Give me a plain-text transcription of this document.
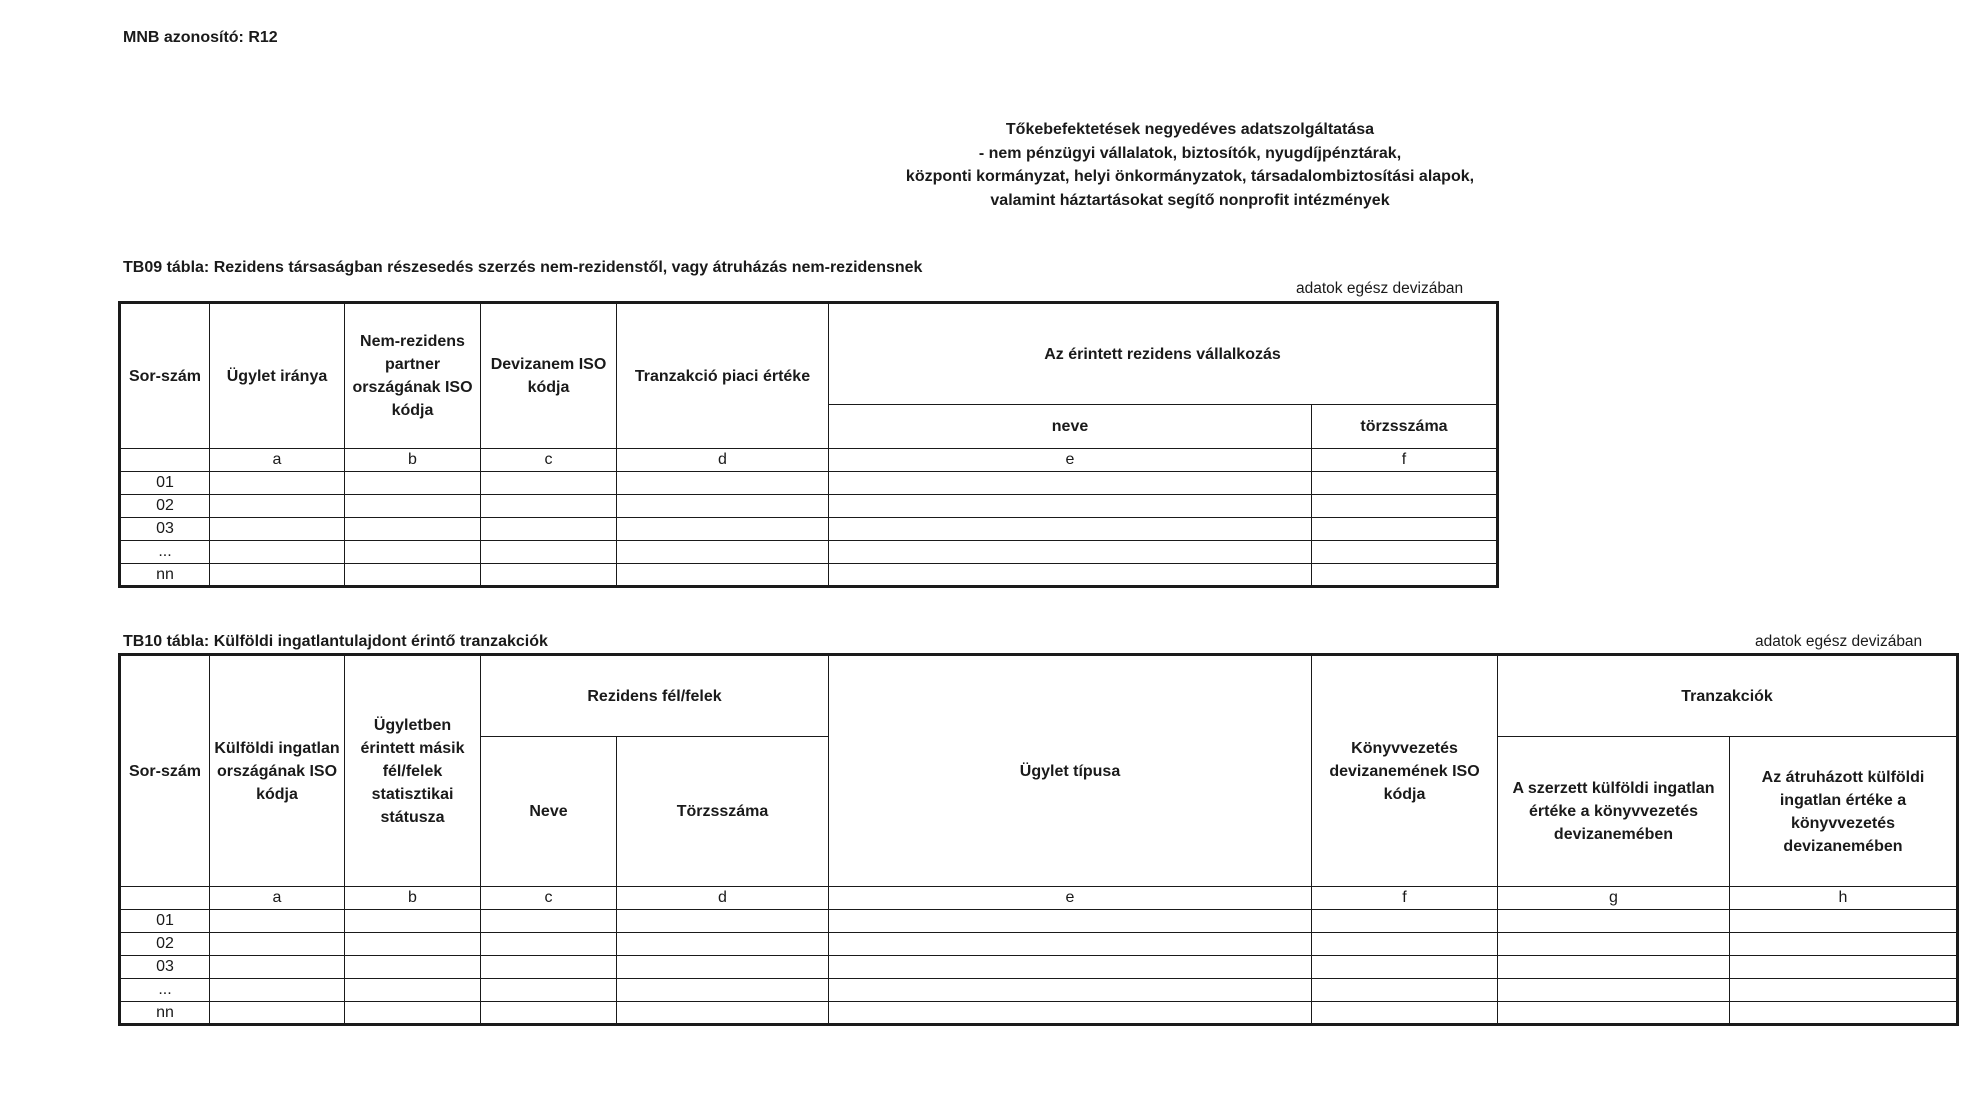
MNB azonosító: R12
Tőkebefektetések negyedéves adatszolgáltatása
- nem pénzügyi vállalatok, biztosítók, nyugdíjpénztárak,
központi kormányzat, helyi önkormányzatok, társadalombiztosítási alapok,
valamint háztartásokat segítő nonprofit intézmények
TB09 tábla: Rezidens társaságban részesedés szerzés nem-rezidenstől, vagy átruházás nem-rezidensnek
adatok egész devizában
Sor-szám	Ügylet iránya	Nem-rezidens partner országának ISO kódja	Devizanem ISO kódja	Tranzakció piaci értéke	Az érintett rezidens vállalkozás	
					neve	törzsszáma
	a	b	c	d	e	f
01						
02						
03						
...						
nn						
TB10 tábla: Külföldi ingatlantulajdont érintő tranzakciók	adatok egész devizában
Sor-szám	Külföldi ingatlan országának ISO kódja	Ügyletben érintett másik fél/felek statisztikai státusza	Rezidens fél/felek		Ügylet típusa	Könyvvezetés devizanemének ISO kódja	Tranzakciók	
			Neve	Törzsszáma			A szerzett külföldi ingatlan értéke a könyvvezetés devizanemében	Az átruházott külföldi ingatlan értéke a könyvvezetés devizanemében
	a	b	c	d	e	f	g	h
01								
02								
03								
...								
nn								
